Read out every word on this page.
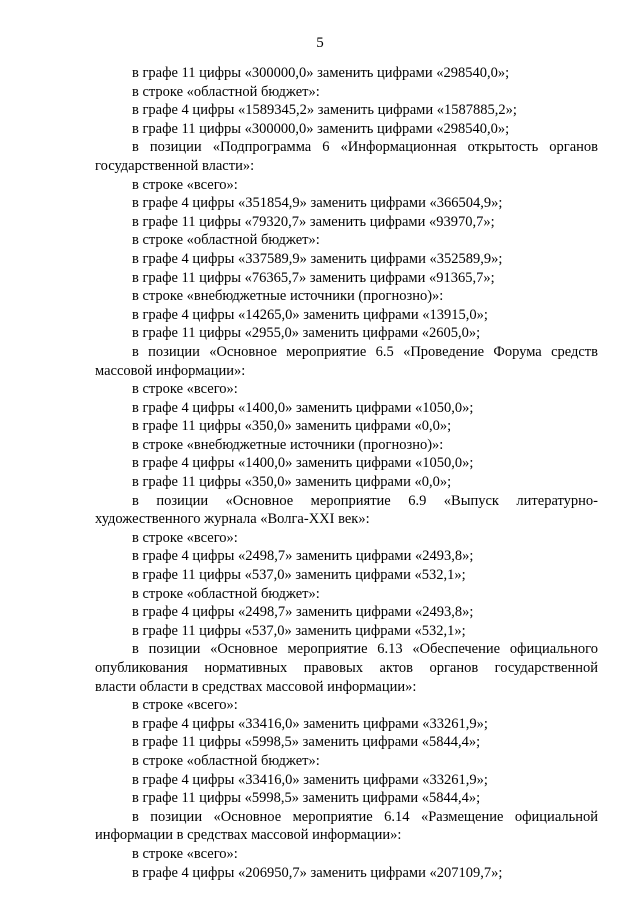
5
в графе 11 цифры «300000,0» заменить цифрами «298540,0»;
в строке «областной бюджет»:
в графе 4 цифры «1589345,2» заменить цифрами «1587885,2»;
в графе 11 цифры «300000,0» заменить цифрами «298540,0»;
в позиции «Подпрограмма 6 «Информационная открытость органов
государственной власти»:
в строке «всего»:
в графе 4 цифры «351854,9» заменить цифрами «366504,9»;
в графе 11 цифры «79320,7» заменить цифрами «93970,7»;
в строке «областной бюджет»:
в графе 4 цифры «337589,9» заменить цифрами «352589,9»;
в графе 11 цифры «76365,7» заменить цифрами «91365,7»;
в строке «внебюджетные источники (прогнозно)»:
в графе 4 цифры «14265,0» заменить цифрами «13915,0»;
в графе 11 цифры «2955,0» заменить цифрами «2605,0»;
в позиции «Основное мероприятие 6.5 «Проведение Форума средств
массовой информации»:
в строке «всего»:
в графе 4 цифры «1400,0» заменить цифрами «1050,0»;
в графе 11 цифры «350,0» заменить цифрами «0,0»;
в строке «внебюджетные источники (прогнозно)»:
в графе 4 цифры «1400,0» заменить цифрами «1050,0»;
в графе 11 цифры «350,0» заменить цифрами «0,0»;
в позиции «Основное мероприятие 6.9 «Выпуск литературно-
художественного журнала «Волга-XXI век»:
в строке «всего»:
в графе 4 цифры «2498,7» заменить цифрами «2493,8»;
в графе 11 цифры «537,0» заменить цифрами «532,1»;
в строке «областной бюджет»:
в графе 4 цифры «2498,7» заменить цифрами «2493,8»;
в графе 11 цифры «537,0» заменить цифрами «532,1»;
в позиции «Основное мероприятие 6.13 «Обеспечение официального
опубликования нормативных правовых актов органов государственной
власти области в средствах массовой информации»:
в строке «всего»:
в графе 4 цифры «33416,0» заменить цифрами «33261,9»;
в графе 11 цифры «5998,5» заменить цифрами «5844,4»;
в строке «областной бюджет»:
в графе 4 цифры «33416,0» заменить цифрами «33261,9»;
в графе 11 цифры «5998,5» заменить цифрами «5844,4»;
в позиции «Основное мероприятие 6.14 «Размещение официальной
информации в средствах массовой информации»:
в строке «всего»:
в графе 4 цифры «206950,7» заменить цифрами «207109,7»;
